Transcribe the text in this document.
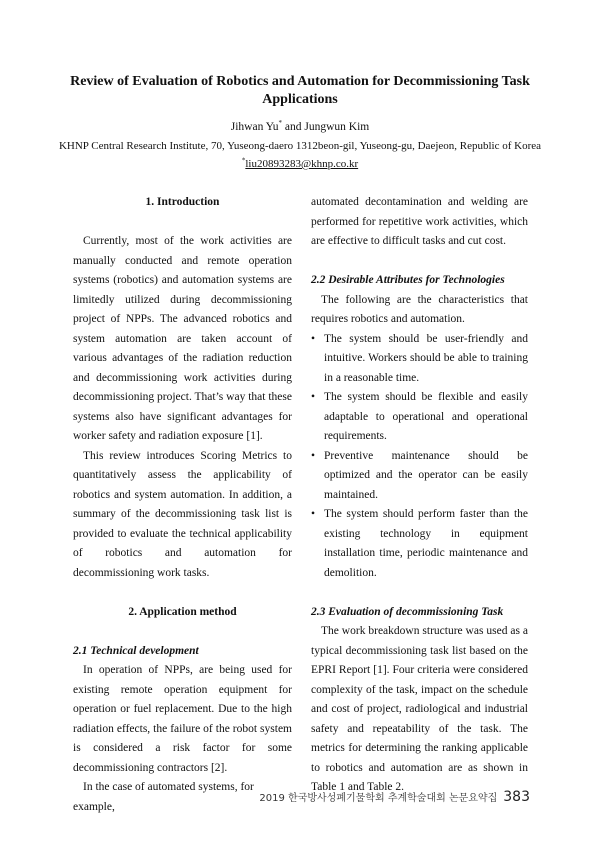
Review of Evaluation of Robotics and Automation for Decommissioning Task Applications
Jihwan Yu* and Jungwun Kim
KHNP Central Research Institute, 70, Yuseong-daero 1312beon-gil, Yuseong-gu, Daejeon, Republic of Korea
*liu20893283@khnp.co.kr

1. Introduction

Currently, most of the work activities are manually conducted and remote operation systems (robotics) and automation systems are limitedly utilized during decommissioning project of NPPs. The advanced robotics and system automation are taken account of various advantages of the radiation reduction and decommissioning work activities during decommissioning project. That’s way that these systems also have significant advantages for worker safety and radiation exposure [1].

This review introduces Scoring Metrics to quantitatively assess the applicability of robotics and system automation. In addition, a summary of the decommissioning task list is provided to evaluate the technical applicability of robotics and automation for decommissioning work tasks.

2. Application method

2.1 Technical development

In operation of NPPs, are being used for existing remote operation equipment for operation or fuel replacement. Due to the high radiation effects, the failure of the robot system is considered a risk factor for some decommissioning contractors [2].

In the case of automated systems, for example,

automated decontamination and welding are performed for repetitive work activities, which are effective to difficult tasks and cut cost.

2.2 Desirable Attributes for Technologies

The following are the characteristics that requires robotics and automation.

• The system should be user-friendly and intuitive. Workers should be able to training in a reasonable time.
• The system should be flexible and easily adaptable to operational and operational requirements.
• Preventive maintenance should be optimized and the operator can be easily maintained.
• The system should perform faster than the existing technology in equipment installation time, periodic maintenance and demolition.

2.3 Evaluation of decommissioning Task

The work breakdown structure was used as a typical decommissioning task list based on the EPRI Report [1]. Four criteria were considered complexity of the task, impact on the schedule and cost of project, radiological and industrial safety and repeatability of the task. The metrics for determining the ranking applicable to robotics and automation are as shown in Table 1 and Table 2.

2019 한국방사성폐기물학회 추계학술대회 논문요약집 383
